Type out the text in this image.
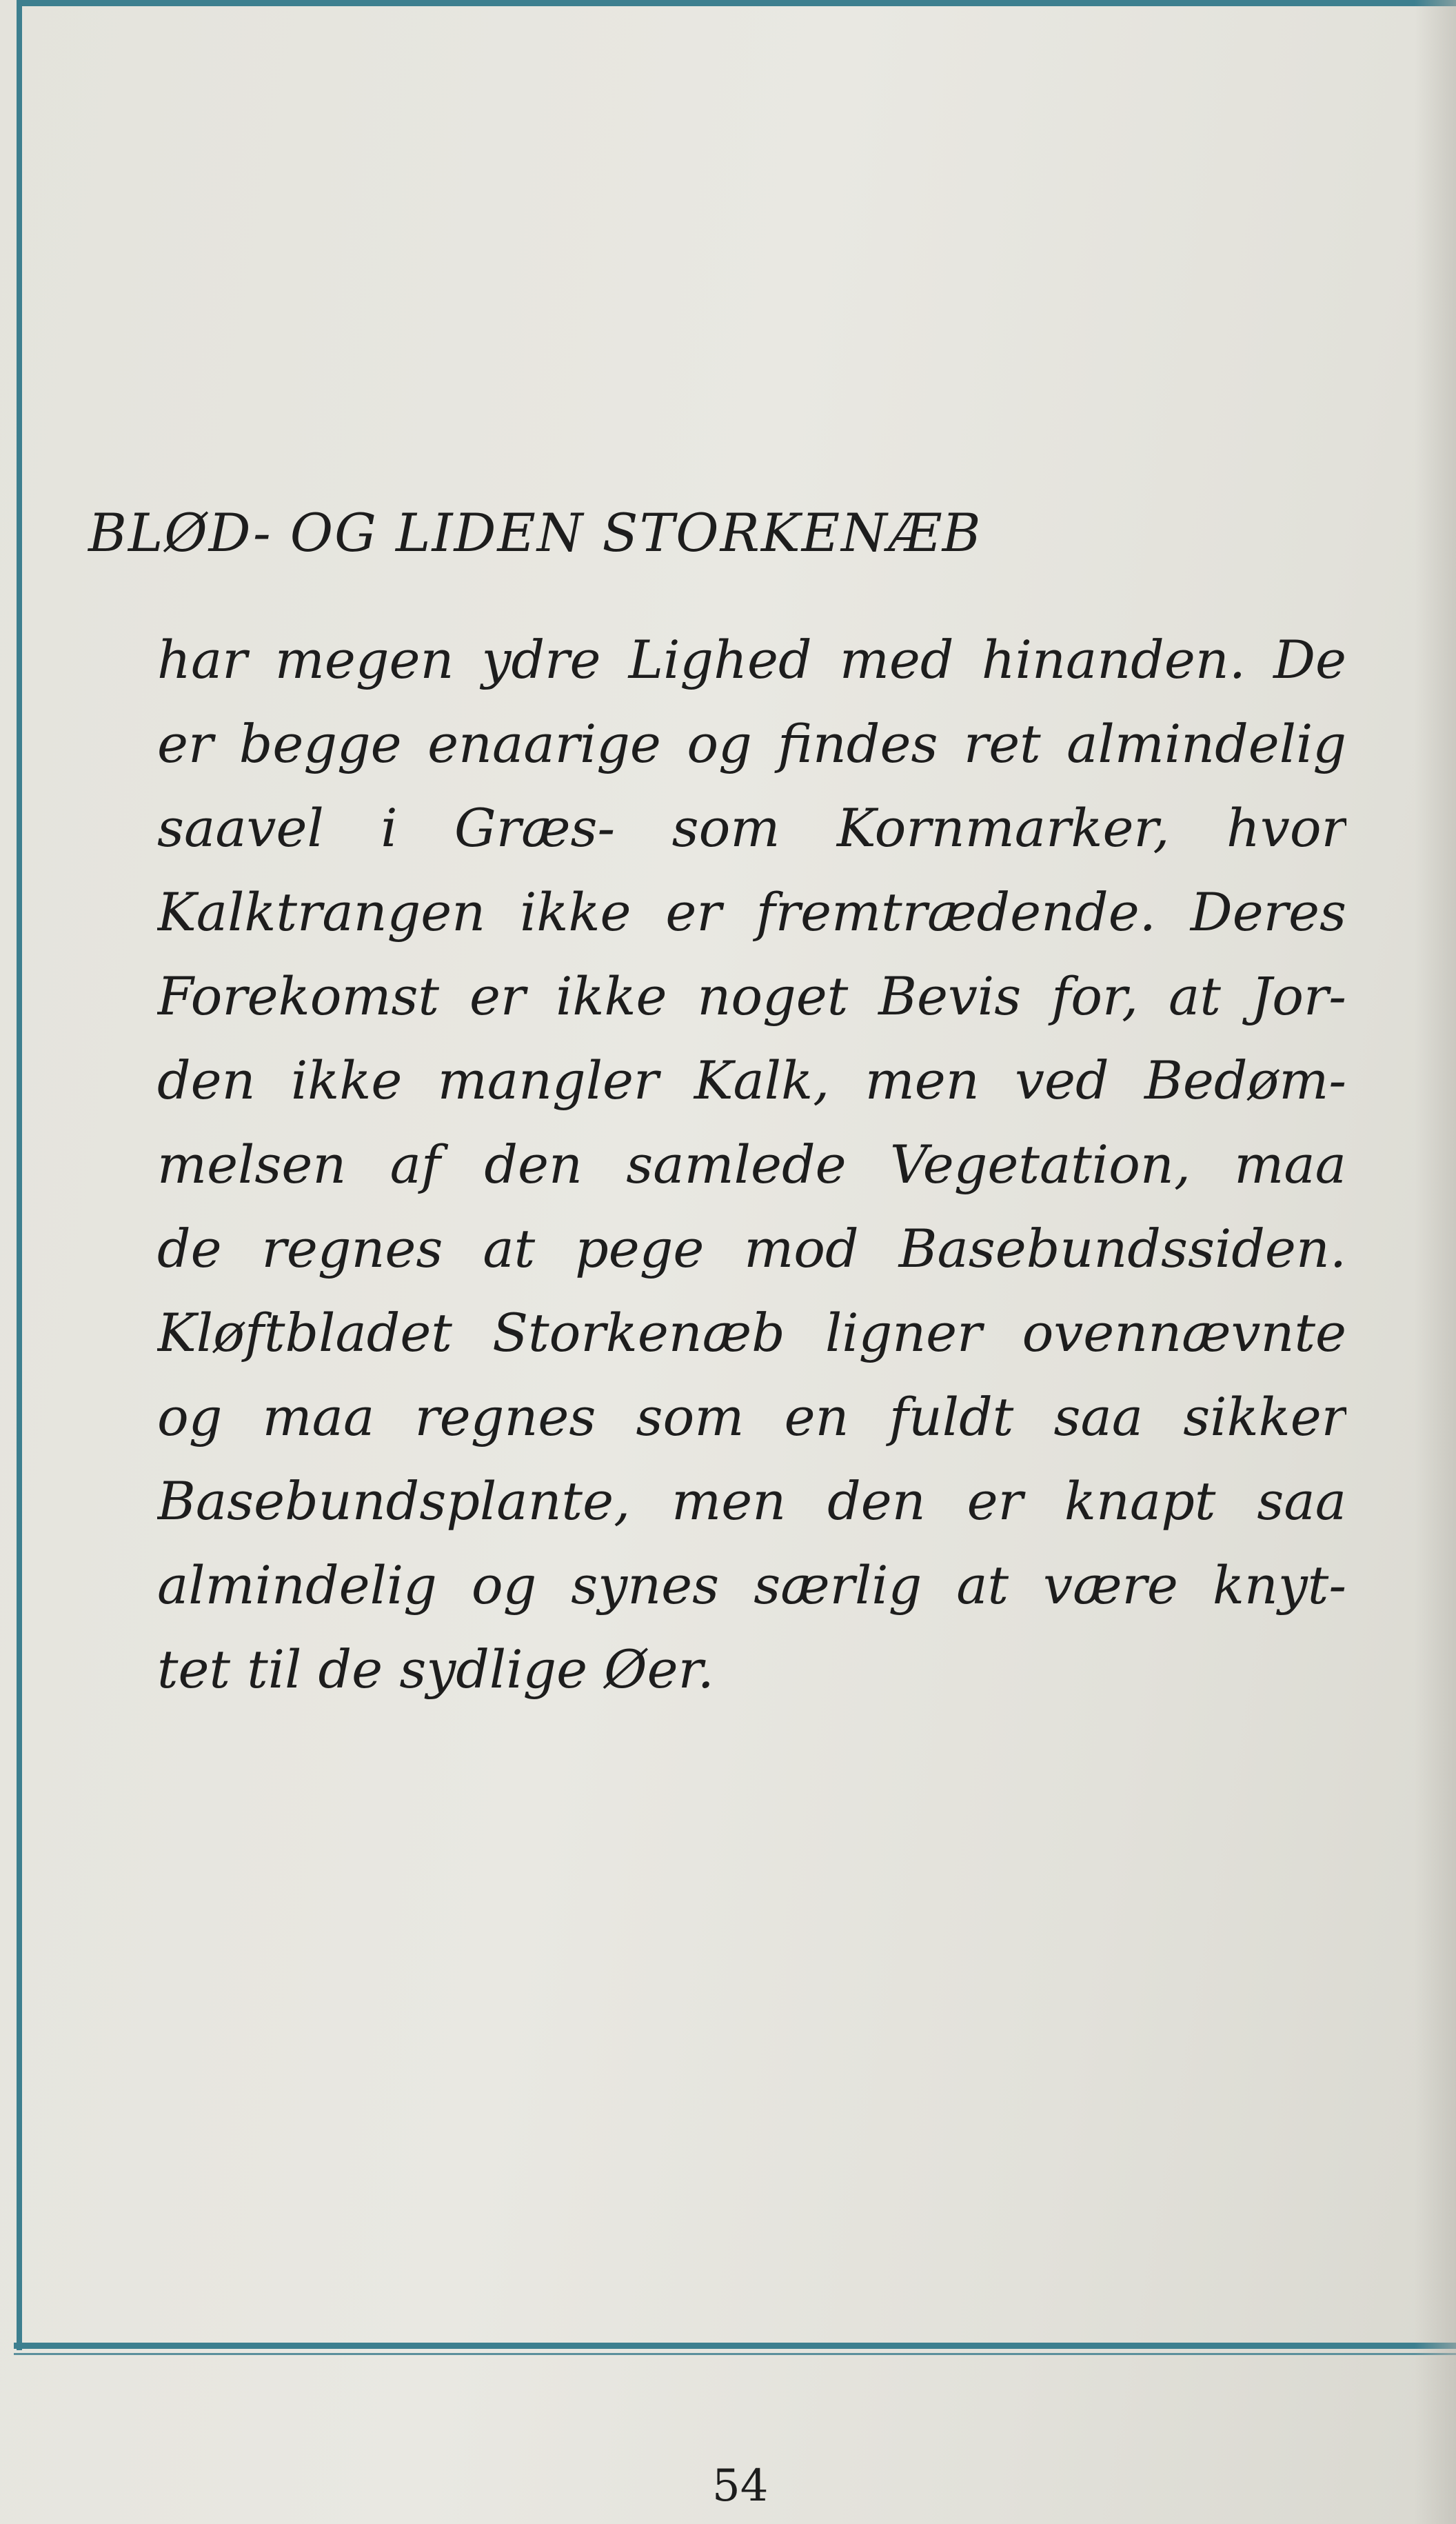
BLØD- OG LIDEN STORKENÆB
har megen ydre Lighed med hinanden. De
er begge enaarige og findes ret almindelig
saavel i Græs- som Kornmarker, hvor
Kalktrangen ikke er fremtrædende. Deres
Forekomst er ikke noget Bevis for, at Jor-
den ikke mangler Kalk, men ved Bedøm-
melsen af den samlede Vegetation, maa
de regnes at pege mod Basebundssiden.
Kløftbladet Storkenæb ligner ovennævnte
og maa regnes som en fuldt saa sikker
Basebundsplante, men den er knapt saa
almindelig og synes særlig at være knyt-
tet til de sydlige Øer.

54
